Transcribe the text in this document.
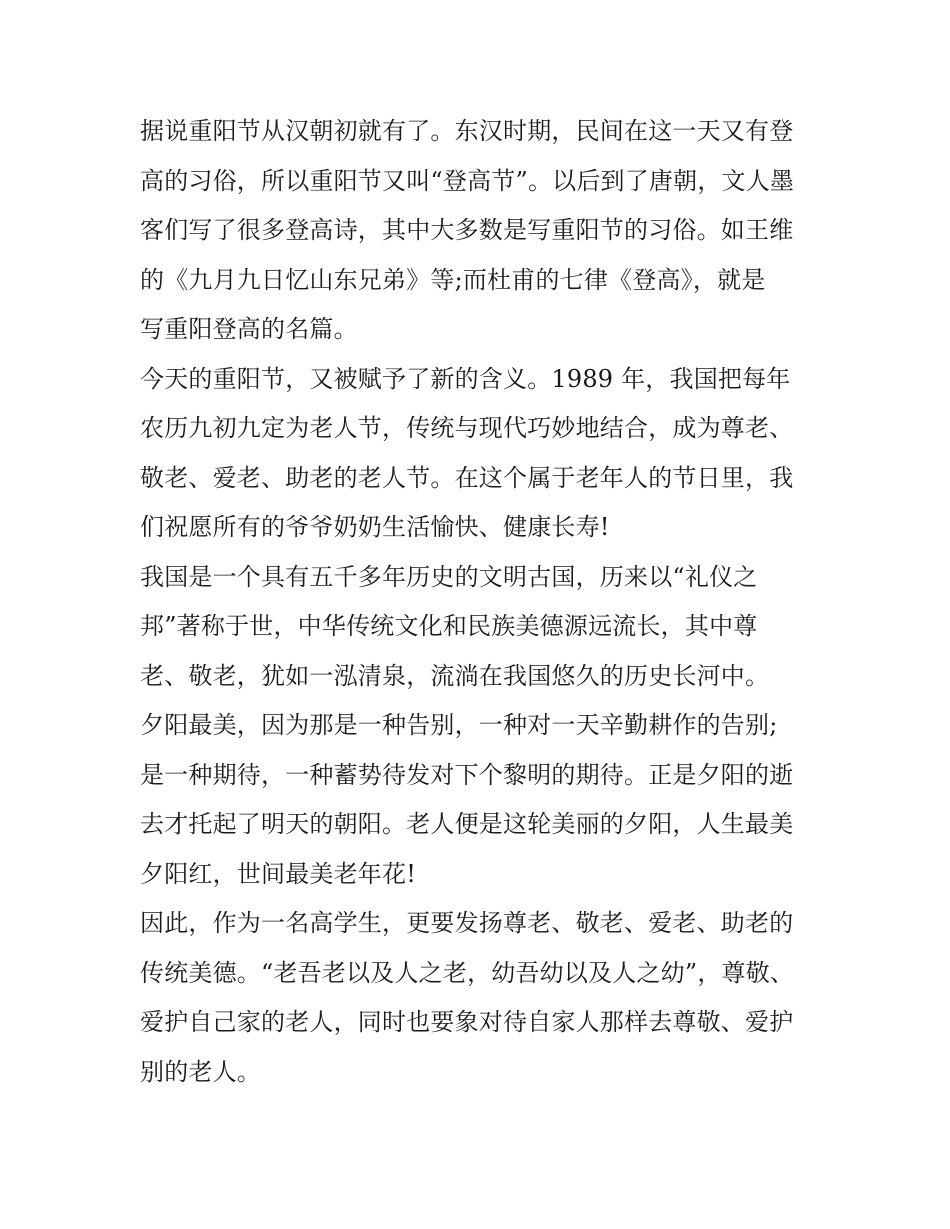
据说重阳节从汉朝初就有了。东汉时期，民间在这一天又有登
高的习俗，所以重阳节又叫“登高节”。以后到了唐朝，文人墨
客们写了很多登高诗，其中大多数是写重阳节的习俗。如王维
的《九月九日忆山东兄弟》等;而杜甫的七律《登高》，就是
写重阳登高的名篇。
今天的重阳节，又被赋予了新的含义。1989 年，我国把每年
农历九初九定为老人节，传统与现代巧妙地结合，成为尊老、
敬老、爱老、助老的老人节。在这个属于老年人的节日里，我
们祝愿所有的爷爷奶奶生活愉快、健康长寿!
我国是一个具有五千多年历史的文明古国，历来以“礼仪之
邦”著称于世，中华传统文化和民族美德源远流长，其中尊
老、敬老，犹如一泓清泉，流淌在我国悠久的历史长河中。
夕阳最美，因为那是一种告别，一种对一天辛勤耕作的告别;
是一种期待，一种蓄势待发对下个黎明的期待。正是夕阳的逝
去才托起了明天的朝阳。老人便是这轮美丽的夕阳，人生最美
夕阳红，世间最美老年花!
因此，作为一名高学生，更要发扬尊老、敬老、爱老、助老的
传统美德。“老吾老以及人之老，幼吾幼以及人之幼”，尊敬、
爱护自己家的老人，同时也要象对待自家人那样去尊敬、爱护
别的老人。
